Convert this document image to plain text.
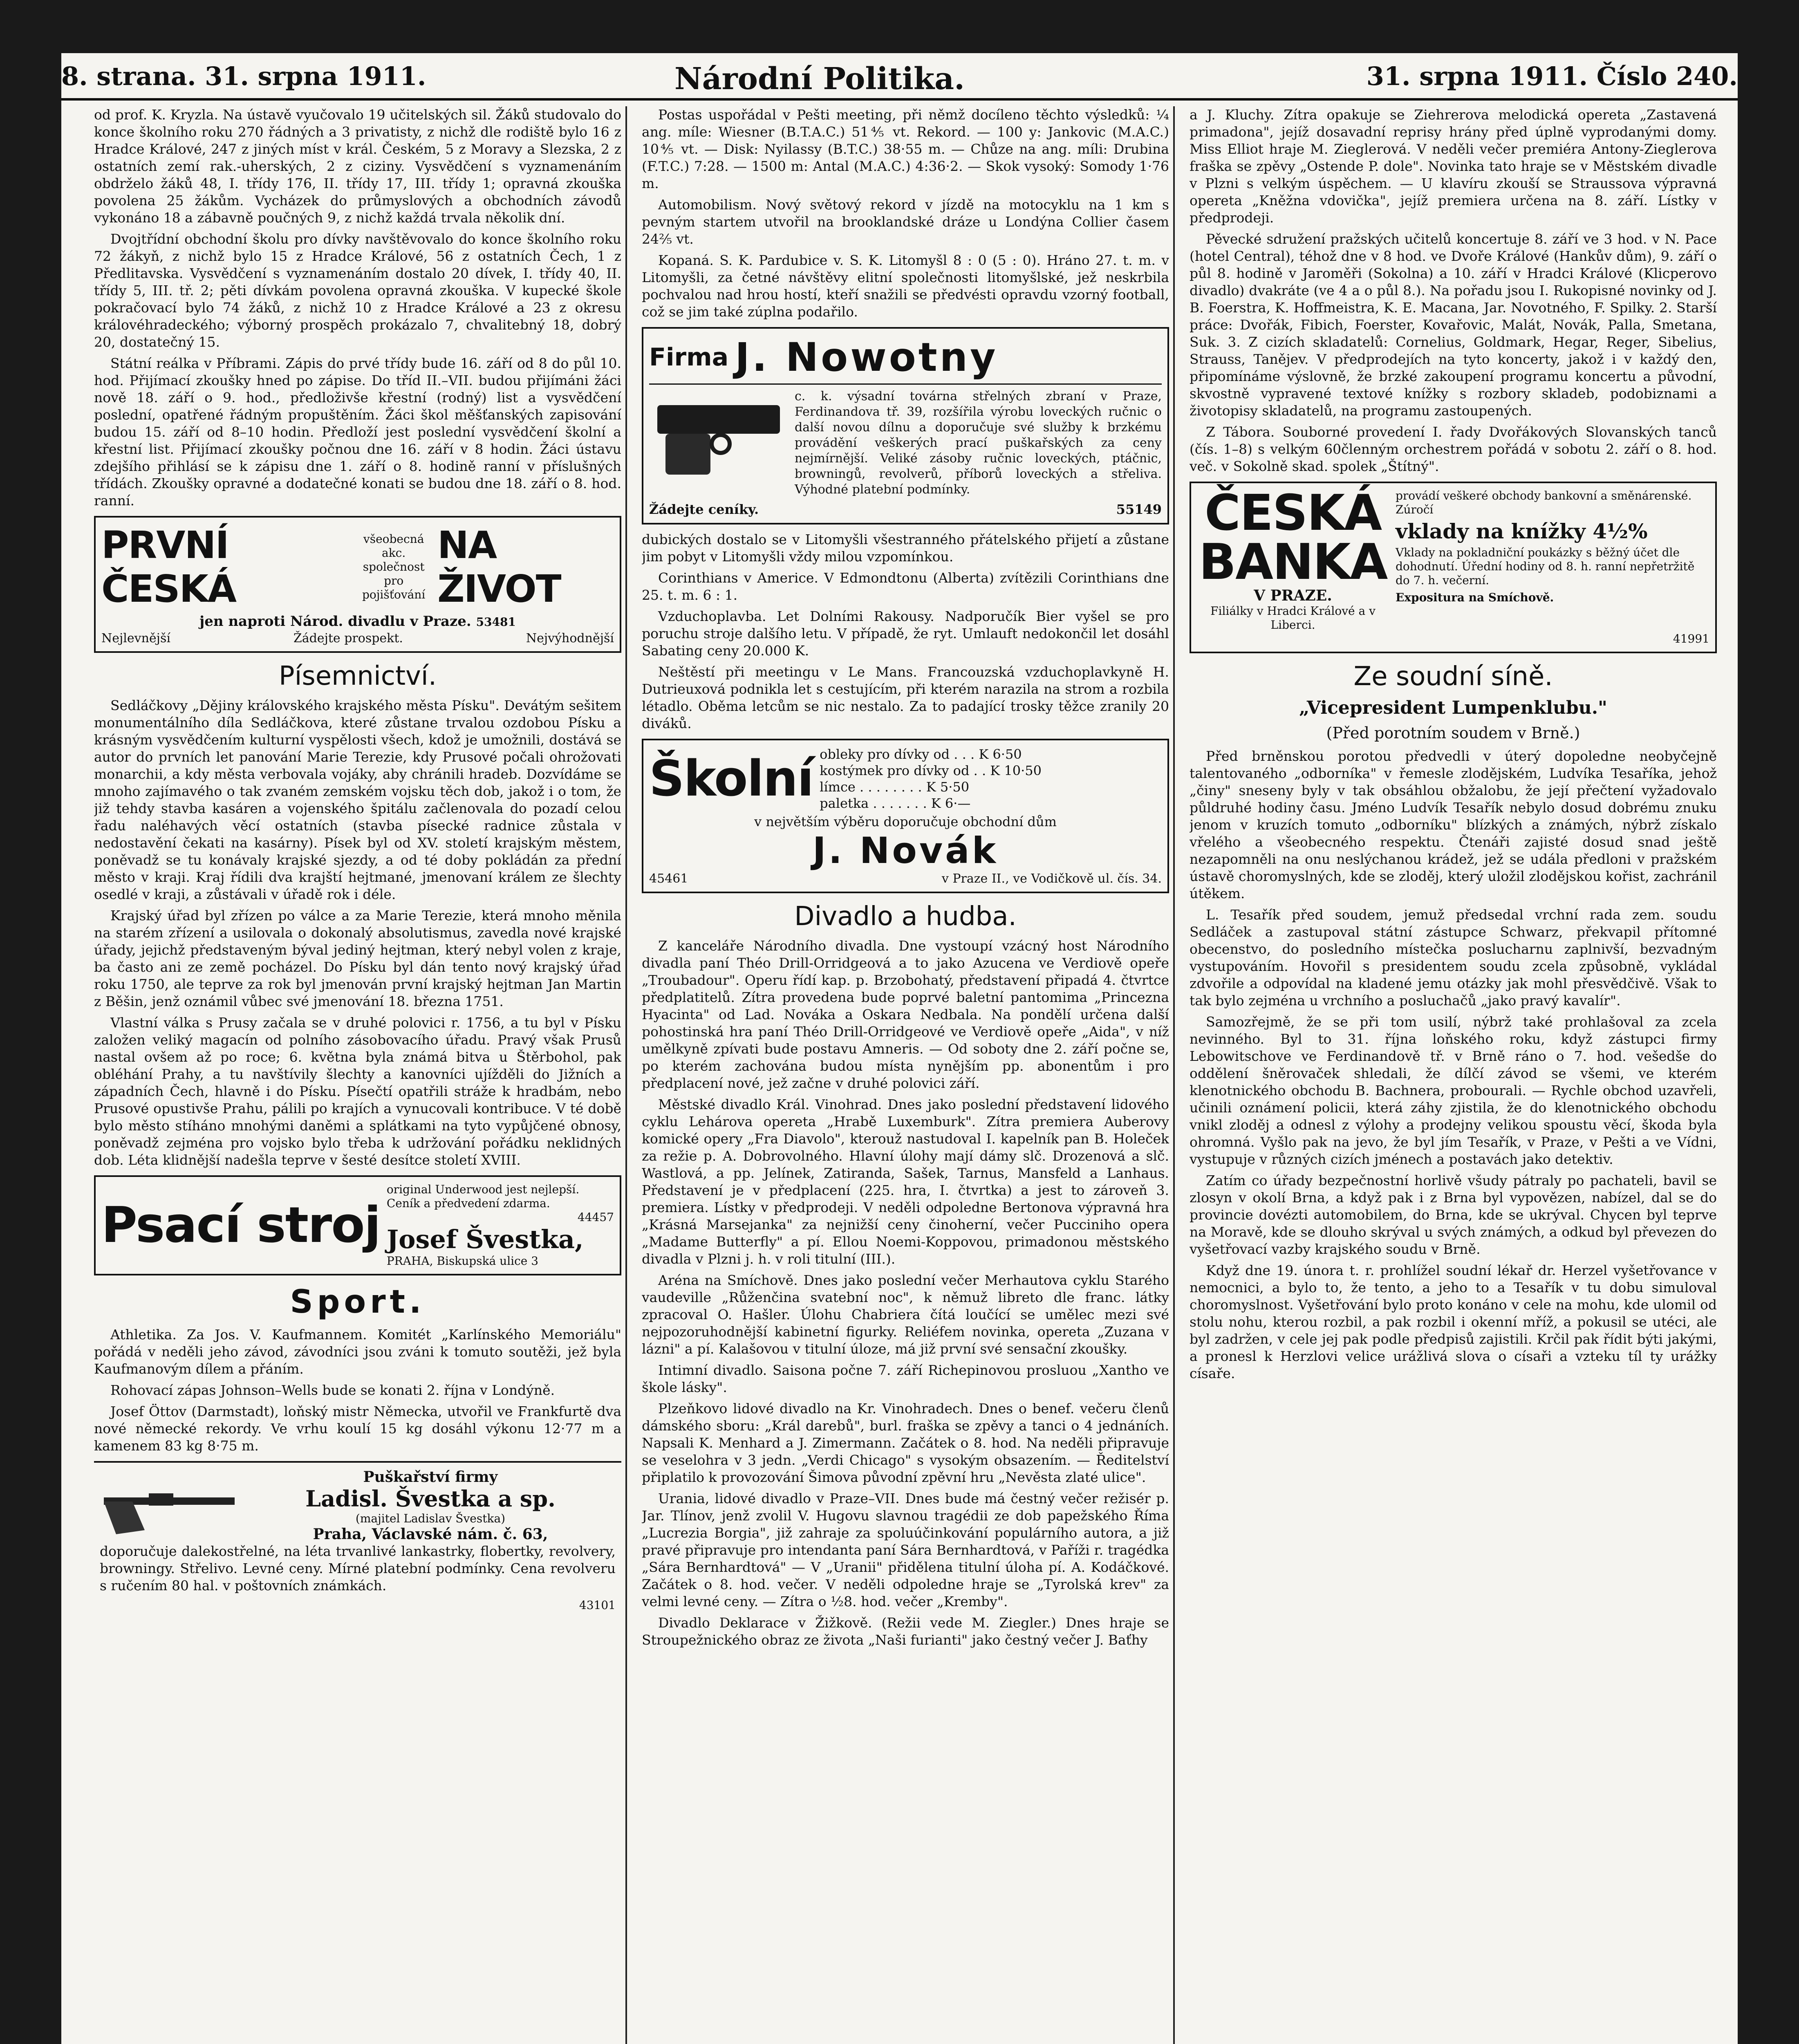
8. strana. 31. srpna 1911.	Národní Politika.	31. srpna 1911. Číslo 240.

od prof. K. Kryzla. Na ústavě vyučovalo 19 učitelských sil. Žáků studovalo do konce školního roku 270 řádných a 3 privatisty, z nichž dle rodiště bylo 16 z Hradce Králové, 247 z jiných míst v král. Českém, 5 z Moravy a Slezska, 2 z ostatních zemí rak.-uherských, 2 z ciziny. Vysvědčení s vyznamenáním obdrželo žáků 48, I. třídy 176, II. třídy 17, III. třídy 1; opravná zkouška povolena 25 žákům. Vycházek do průmyslových a obchodních závodů vykonáno 18 a zábavně poučných 9, z nichž každá trvala několik dní.

Dvojtřídní obchodní školu pro dívky navštěvovalo do konce školního roku 72 žákyň, z nichž bylo 15 z Hradce Králové, 56 z ostatních Čech, 1 z Předlitavska. Vysvědčení s vyznamenáním dostalo 20 dívek, I. třídy 40, II. třídy 5, III. tř. 2; pěti dívkám povolena opravná zkouška. V kupecké škole pokračovací bylo 74 žáků, z nichž 10 z Hradce Králové a 23 z okresu královéhradeckého; výborný prospěch prokázalo 7, chvalitebný 18, dobrý 20, dostatečný 15.

Státní reálka v Příbrami. Zápis do prvé třídy bude 16. září od 8 do půl 10. hod. Přijímací zkoušky hned po zápise. Do tříd II.–VII. budou přijímáni žáci nově 18. září o 9. hod., předloživše křestní (rodný) list a vysvědčení poslední, opatřené řádným propuštěním. Žáci škol měšťanských zapisování budou 15. září od 8–10 hodin. Předloží jest poslední vysvědčení školní a křestní list. Přijímací zkoušky počnou dne 16. září v 8 hodin. Žáci ústavu zdejšího přihlásí se k zápisu dne 1. září o 8. hodině ranní v příslušných třídách. Zkoušky opravné a dodatečné konati se budou dne 18. září o 8. hod. ranní.

PRVNÍ ČESKÁ
všeobecná akc. společnost pro pojišťování
NA ŽIVOT
jen naproti Národ. divadlu v Praze. 53481
Nejlevnější	Žádejte prospekt.	Nejvýhodnější
Písemnictví.

Sedláčkovy „Dějiny královského krajského města Písku". Devátým sešitem monumentálního díla Sedláčkova, které zůstane trvalou ozdobou Písku a krásným vysvědčením kulturní vyspělosti všech, kdož je umožnili, dostává se autor do prvních let panování Marie Terezie, kdy Prusové počali ohrožovati monarchii, a kdy města verbovala vojáky, aby chránili hradeb. Dozvídáme se mnoho zajímavého o tak zvaném zemském vojsku těch dob, jakož i o tom, že již tehdy stavba kasáren a vojenského špitálu začlenovala do pozadí celou řadu naléhavých věcí ostatních (stavba písecké radnice zůstala v nedostavění čekati na kasárny). Písek byl od XV. století krajským městem, poněvadž se tu konávaly krajské sjezdy, a od té doby pokládán za přední město v kraji. Kraj řídili dva krajští hejtmané, jmenovaní králem ze šlechty osedlé v kraji, a zůstávali v úřadě rok i déle.

Krajský úřad byl zřízen po válce a za Marie Terezie, která mnoho měnila na starém zřízení a usilovala o dokonalý absolutismus, zavedla nové krajské úřady, jejichž představeným býval jediný hejtman, který nebyl volen z kraje, ba často ani ze země pocházel. Do Písku byl dán tento nový krajský úřad roku 1750, ale teprve za rok byl jmenován první krajský hejtman Jan Martin z Běšin, jenž oznámil vůbec své jmenování 18. března 1751.

Vlastní válka s Prusy začala se v druhé polovici r. 1756, a tu byl v Písku založen veliký magacín od polního zásobovacího úřadu. Pravý však Prusů nastal ovšem až po roce; 6. května byla známá bitva u Štěrbohol, pak obléhání Prahy, a tu navštívily šlechty a kanovníci ujížděli do Jižních a západních Čech, hlavně i do Písku. Písečtí opatřili stráže k hradbám, nebo Prusové opustivše Prahu, pálili po krajích a vynucovali kontribuce. V té době bylo město stíháno mnohými daněmi a splátkami na tyto vypůjčené obnosy, poněvadž zejména pro vojsko bylo třeba k udržování pořádku neklidných dob. Léta klidnější nadešla teprve v šesté desítce století XVIII.

Psací stroj
original Underwood jest nejlepší. Ceník a předvedení zdarma.
44457
Josef Švestka,
PRAHA, Biskupská ulice 3
Sport.

Athletika. Za Jos. V. Kaufmannem. Komitét „Karlínského Memoriálu" pořádá v neděli jeho závod, závodníci jsou zváni k tomuto soutěži, jež byla Kaufmanovým dílem a přáním.

Rohovací zápas Johnson–Wells bude se konati 2. října v Londýně.

Josef Öttov (Darmstadt), loňský mistr Německa, utvořil ve Frankfurtě dva nové německé rekordy. Ve vrhu koulí 15 kg dosáhl výkonu 12·77 m a kamenem 83 kg 8·75 m.

Puškařství firmy
Ladisl. Švestka a sp.
(majitel Ladislav Švestka)
Praha, Václavské nám. č. 63,

doporučuje dalekostřelné, na léta trvanlivé lankastrky, flobertky, revolvery, browningy. Střelivo. Levné ceny. Mírné platební podmínky. Cena revolveru s ručením 80 hal. v poštovních známkách.

43101

Postas uspořádal v Pešti meeting, při němž docíleno těchto výsledků: ¼ ang. míle: Wiesner (B.T.A.C.) 51⅘ vt. Rekord. — 100 y: Jankovic (M.A.C.) 10⅘ vt. — Disk: Nyilassy (B.T.C.) 38·55 m. — Chůze na ang. míli: Drubina (F.T.C.) 7:28. — 1500 m: Antal (M.A.C.) 4:36·2. — Skok vysoký: Somody 1·76 m.

Automobilism. Nový světový rekord v jízdě na motocyklu na 1 km s pevným startem utvořil na brooklandské dráze u Londýna Collier časem 24⅖ vt.

Kopaná. S. K. Pardubice v. S. K. Litomyšl 8 : 0 (5 : 0). Hráno 27. t. m. v Litomyšli, za četné návštěvy elitní společnosti litomyšlské, jež neskrbila pochvalou nad hrou hostí, kteří snažili se předvésti opravdu vzorný football, což se jim také zúplna podařilo.

Firma J. Nowotny

c. k. výsadní továrna střelných zbraní v Praze, Ferdinandova tř. 39, rozšířila výrobu loveckých ručnic o další novou dílnu a doporučuje své služby k brzkému provádění veškerých prací puškařských za ceny nejmírnější. Veliké zásoby ručnic loveckých, ptáčnic, browningů, revolverů, příborů loveckých a střeliva. Výhodné platební podmínky.

Žádejte ceníky.	55149

dubických dostalo se v Litomyšli všestranného přátelského přijetí a zůstane jim pobyt v Litomyšli vždy milou vzpomínkou.

Corinthians v Americe. V Edmondtonu (Alberta) zvítězili Corinthians dne 25. t. m. 6 : 1.

Vzduchoplavba. Let Dolními Rakousy. Nadporučík Bier vyšel se pro poruchu stroje dalšího letu. V případě, že ryt. Umlauft nedokončil let dosáhl Sabating ceny 20.000 K.

Neštěstí při meetingu v Le Mans. Francouzská vzduchoplavkyně H. Dutrieuxová podnikla let s cestujícím, při kterém narazila na strom a rozbila létadlo. Oběma letcům se nic nestalo. Za to padající trosky těžce zranily 20 diváků.

Školní obleky pro dívky od . . . K 6·50
kostýmek pro dívky od . . K 10·50
límce . . . . . . . . K 5·50
paletka . . . . . . . K 6·—
v největším výběru doporučuje obchodní dům
J. Novák
45461	v Praze II., ve Vodičkově ul. čís. 34.
Divadlo a hudba.

Z kanceláře Národního divadla. Dne vystoupí vzácný host Národního divadla paní Théo Drill-Orridgeová a to jako Azucena ve Verdiově opeře „Troubadour". Operu řídí kap. p. Brzobohatý, představení připadá 4. čtvrtce předplatitelů. Zítra provedena bude poprvé baletní pantomima „Princezna Hyacinta" od Lad. Nováka a Oskara Nedbala. Na pondělí určena další pohostinská hra paní Théo Drill-Orridgeové ve Verdiově opeře „Aida", v níž umělkyně zpívati bude postavu Amneris. — Od soboty dne 2. září počne se, po kterém zachována budou místa nynějším pp. abonentům i pro předplacení nové, jež začne v druhé polovici září.

Městské divadlo Král. Vinohrad. Dnes jako poslední představení lidového cyklu Lehárova opereta „Hrabě Luxemburk". Zítra premiera Auberovy komické opery „Fra Diavolo", kterouž nastudoval I. kapelník pan B. Holeček za režie p. A. Dobrovolného. Hlavní úlohy mají dámy slč. Drozenová a slč. Wastlová, a pp. Jelínek, Zatiranda, Sašek, Tarnus, Mansfeld a Lanhaus. Představení je v předplacení (225. hra, I. čtvrtka) a jest to zároveň 3. premiera. Lístky v předprodeji. V neděli odpoledne Bertonova výpravná hra „Krásná Marsejanka" za nejnižší ceny činoherní, večer Pucciniho opera „Madame Butterfly" a pí. Ellou Noemi-Koppovou, primadonou městského divadla v Plzni j. h. v roli titulní (III.).

Aréna na Smíchově. Dnes jako poslední večer Merhautova cyklu Starého vaudeville „Růženčina svatební noc", k němuž libreto dle franc. látky zpracoval O. Hašler. Úlohu Chabriera čítá loučící se umělec mezi své nejpozoruhodnější kabinetní figurky. Reliéfem novinka, opereta „Zuzana v lázni" a pí. Kalašovou v titulní úloze, má již první své sensační zkoušky.

Intimní divadlo. Saisona počne 7. září Richepinovou prosluou „Xantho ve škole lásky".

Plzeňkovo lidové divadlo na Kr. Vinohradech. Dnes o benef. večeru členů dámského sboru: „Král darebů", burl. fraška se zpěvy a tanci o 4 jednáních. Napsali K. Menhard a J. Zimermann. Začátek o 8. hod. Na neděli připravuje se veselohra v 3 jedn. „Verdi Chicago" s vysokým obsazením. — Ředitelství připlatilo k provozování Šimova původní zpěvní hru „Nevěsta zlaté ulice".

Urania, lidové divadlo v Praze–VII. Dnes bude má čestný večer režisér p. Jar. Tlínov, jenž zvolil V. Hugovu slavnou tragédii ze dob papežského Říma „Lucrezia Borgia", již zahraje za spoluúčinkování populárního autora, a již pravé připravuje pro intendanta paní Sára Bernhardtová, v Paříži r. tragédka „Sára Bernhardtová" — V „Uranii" přidělena titulní úloha pí. A. Kodáčkové. Začátek o 8. hod. večer. V neděli odpoledne hraje se „Tyrolská krev" za velmi levné ceny. — Zítra o ⅟₂8. hod. večer „Kremby".

Divadlo Deklarace v Žižkově. (Režii vede M. Ziegler.) Dnes hraje se Stroupežnického obraz ze života „Naši furianti" jako čestný večer J. Baťhy

a J. Kluchy. Zítra opakuje se Ziehrerova melodická opereta „Zastavená primadona", jejíž dosavadní reprisy hrány před úplně vyprodanými domy. Miss Elliot hraje M. Zieglerová. V neděli večer premiéra Antony-Zieglerova fraška se zpěvy „Ostende P. dole". Novinka tato hraje se v Městském divadle v Plzni s velkým úspěchem. — U klavíru zkouší se Straussova výpravná opereta „Kněžna vdovička", jejíž premiera určena na 8. září. Lístky v předprodeji.

Pěvecké sdružení pražských učitelů koncertuje 8. září ve 3 hod. v N. Pace (hotel Central), téhož dne v 8 hod. ve Dvoře Králové (Hankův dům), 9. září o půl 8. hodině v Jaroměři (Sokolna) a 10. září v Hradci Králové (Klicperovo divadlo) dvakráte (ve 4 a o půl 8.). Na pořadu jsou I. Rukopisné novinky od J. B. Foerstra, K. Hoffmeistra, K. E. Macana, Jar. Novotného, F. Spilky. 2. Starší práce: Dvořák, Fibich, Foerster, Kovařovic, Malát, Novák, Palla, Smetana, Suk. 3. Z cizích skladatelů: Cornelius, Goldmark, Hegar, Reger, Sibelius, Strauss, Tanějev. V předprodejích na tyto koncerty, jakož i v každý den, připomínáme výslovně, že brzké zakoupení programu koncertu a původní, skvostně vypravené textové knížky s rozbory skladeb, podobiznami a životopisy skladatelů, na programu zastoupených.

Z Tábora. Souborné provedení I. řady Dvořákových Slovanských tanců (čís. 1–8) s velkým 60členným orchestrem pořádá v sobotu 2. září o 8. hod. več. v Sokolně skad. spolek „Štítný".

ČESKÁ
BANKA
V PRAZE.
Filiálky v Hradci Králové a v Liberci.
provádí veškeré obchody bankovní a směnárenské. Zúročí
vklady na knížky 4½%
Vklady na pokladniční poukázky s běžný účet dle dohodnutí. Úřední hodiny od 8. h. ranní nepřetržitě do 7. h. večerní.
Expositura na Smíchově.
41991
Ze soudní síně.
„Vicepresident Lumpenklubu."
(Před porotním soudem v Brně.)

Před brněnskou porotou předvedli v úterý dopoledne neobyčejně talentovaného „odborníka" v řemesle zlodějském, Ludvíka Tesaříka, jehož „činy" sneseny byly v tak obsáhlou obžalobu, že její přečtení vyžadovalo půldruhé hodiny času. Jméno Ludvík Tesařík nebylo dosud dobrému znuku jenom v kruzích tomuto „odborníku" blízkých a známých, nýbrž získalo vřelého a všeobecného respektu. Čtenáři zajisté dosud snad ještě nezapomněli na onu neslýchanou krádež, jež se udála předloni v pražském ústavě choromyslných, kde se zloděj, který uložil zlodějskou kořist, zachránil útěkem.

L. Tesařík před soudem, jemuž předsedal vrchní rada zem. soudu Sedláček a zastupoval státní zástupce Schwarz, překvapil přítomné obecenstvo, do posledního místečka poslucharnu zaplnivší, bezvadným vystupováním. Hovořil s presidentem soudu zcela způsobně, vykládal zdvořile a odpovídal na kladené jemu otázky jak mohl přesvědčivě. Však to tak bylo zejména u vrchního a posluchačů „jako pravý kavalír".

Samozřejmě, že se při tom usilí, nýbrž také prohlašoval za zcela nevinného. Byl to 31. října loňského roku, když zástupci firmy Lebowitschove ve Ferdinandově tř. v Brně ráno o 7. hod. vešedše do oddělení šněrovaček shledali, že dílčí závod se všemi, ve kterém klenotnického obchodu B. Bachnera, probourali. — Rychle obchod uzavřeli, učinili oznámení policii, která záhy zjistila, že do klenotnického obchodu vnikl zloděj a odnesl z výlohy a prodejny velikou spoustu věcí, škoda byla ohromná. Vyšlo pak na jevo, že byl jím Tesařík, v Praze, v Pešti a ve Vídni, vystupuje v různých cizích jménech a postavách jako detektiv.

Zatím co úřady bezpečnostní horlivě všudy pátraly po pachateli, bavil se zlosyn v okolí Brna, a když pak i z Brna byl vypovězen, nabízel, dal se do provincie dovézti automobilem, do Brna, kde se ukrýval. Chycen byl teprve na Moravě, kde se dlouho skrýval u svých známých, a odkud byl převezen do vyšetřovací vazby krajského soudu v Brně.

Když dne 19. února t. r. prohlížel soudní lékař dr. Herzel vyšetřovance v nemocnici, a bylo to, že tento, a jeho to a Tesařík v tu dobu simuloval choromyslnost. Vyšetřování bylo proto konáno v cele na mohu, kde ulomil od stolu nohu, kterou rozbil, a pak rozbil i okenní mříž, a pokusil se utéci, ale byl zadržen, v cele jej pak podle předpisů zajistili. Krčil pak řídit býti jakými, a pronesl k Herzlovi velice urážlivá slova o císaři a vzteku tíl ty urážky císaře.
